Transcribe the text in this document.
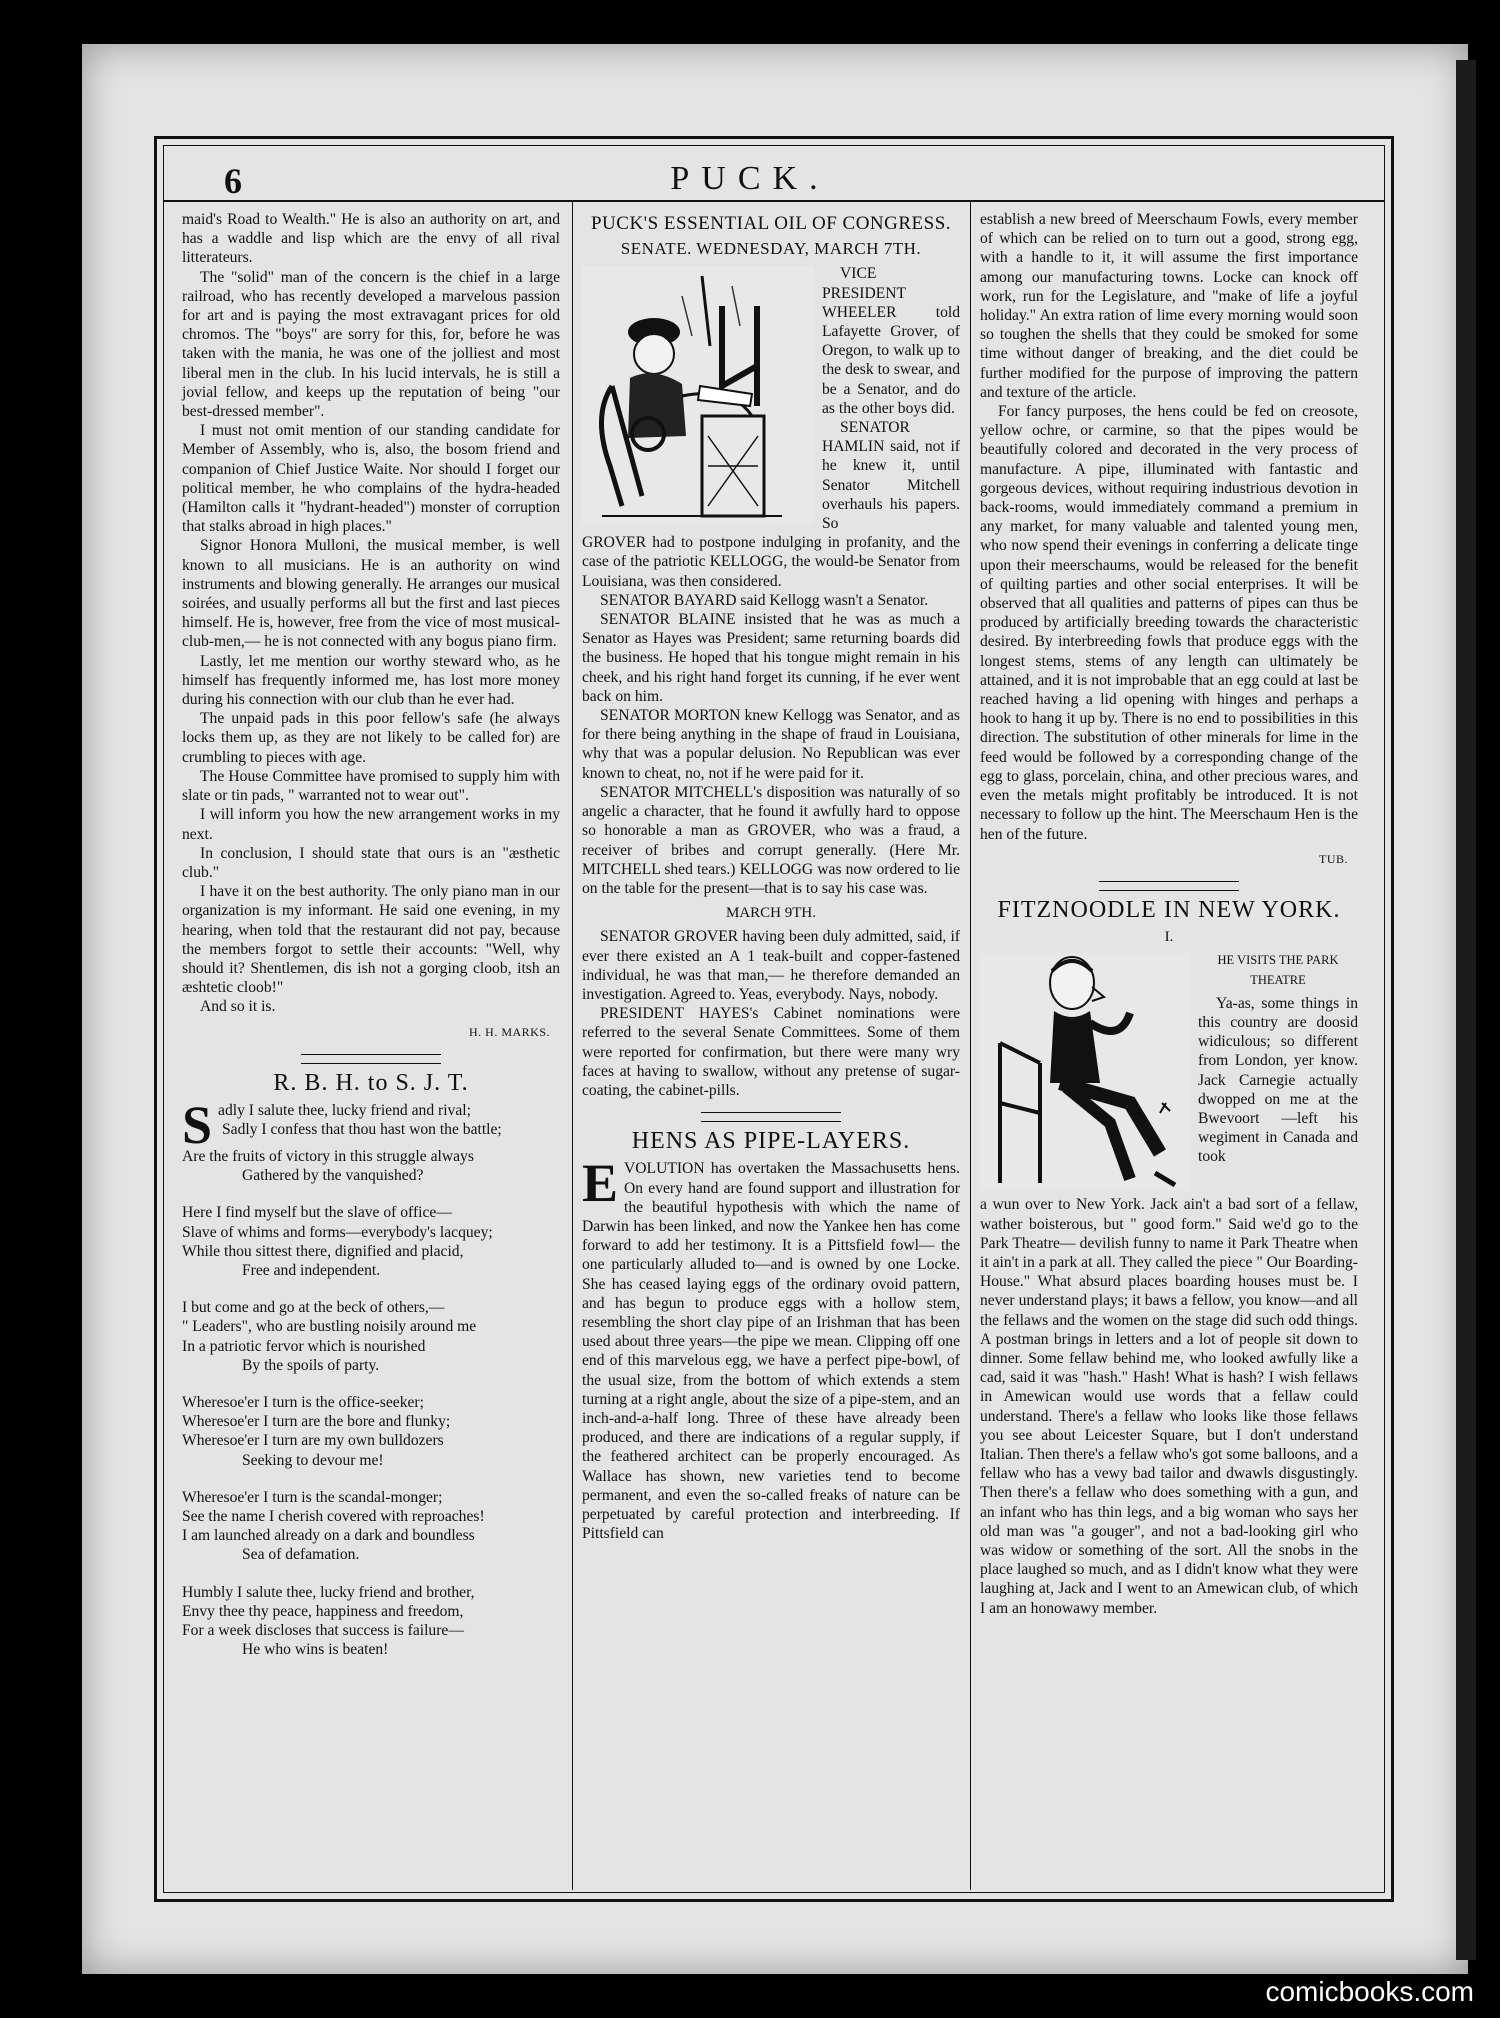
6	PUCK.

maid's Road to Wealth." He is also an authority on art, and has a waddle and lisp which are the envy of all rival litterateurs.

The "solid" man of the concern is the chief in a large railroad, who has recently developed a marvelous passion for art and is paying the most extravagant prices for old chromos. The "boys" are sorry for this, for, before he was taken with the mania, he was one of the jolliest and most liberal men in the club. In his lucid intervals, he is still a jovial fellow, and keeps up the reputation of being "our best-dressed member".

I must not omit mention of our standing candidate for Member of Assembly, who is, also, the bosom friend and companion of Chief Justice Waite. Nor should I forget our political member, he who complains of the hydra-headed (Hamilton calls it "hydrant-headed") monster of corruption that stalks abroad in high places."

Signor Honora Mulloni, the musical member, is well known to all musicians. He is an authority on wind instruments and blowing generally. He arranges our musical soirées, and usually performs all but the first and last pieces himself. He is, however, free from the vice of most musical-club-men,— he is not connected with any bogus piano firm.

Lastly, let me mention our worthy steward who, as he himself has frequently informed me, has lost more money during his connection with our club than he ever had.

The unpaid pads in this poor fellow's safe (he always locks them up, as they are not likely to be called for) are crumbling to pieces with age.

The House Committee have promised to supply him with slate or tin pads, " warranted not to wear out".

I will inform you how the new arrangement works in my next.

In conclusion, I should state that ours is an "æsthetic club."

I have it on the best authority. The only piano man in our organization is my informant. He said one evening, in my hearing, when told that the restaurant did not pay, because the members forgot to settle their accounts: "Well, why should it? Shentlemen, dis ish not a gorging cloob, itsh an æshtetic cloob!"

And so it is.

H. H. MARKS.
R. B. H. to S. J. T.
S adly I salute thee, lucky friend and rival;

Sadly I confess that thou hast won the battle;

Are the fruits of victory in this struggle always

Gathered by the vanquished?

Here I find myself but the slave of office—

Slave of whims and forms—everybody's lacquey;

While thou sittest there, dignified and placid,

Free and independent.

I but come and go at the beck of others,—

" Leaders", who are bustling noisily around me

In a patriotic fervor which is nourished

By the spoils of party.

Wheresoe'er I turn is the office-seeker;

Wheresoe'er I turn are the bore and flunky;

Wheresoe'er I turn are my own bulldozers

Seeking to devour me!

Wheresoe'er I turn is the scandal-monger;

See the name I cherish covered with reproaches!

I am launched already on a dark and boundless

Sea of defamation.

Humbly I salute thee, lucky friend and brother,

Envy thee thy peace, happiness and freedom,

For a week discloses that success is failure—

He who wins is beaten!

PUCK'S ESSENTIAL OIL OF CONGRESS.
SENATE. WEDNESDAY, MARCH 7TH.

VICE PRESIDENT WHEELER told Lafayette Grover, of Oregon, to walk up to the desk to swear, and be a Senator, and do as the other boys did.

SENATOR HAMLIN said, not if he knew it, until Senator Mitchell overhauls his papers. So

GROVER had to postpone indulging in profanity, and the case of the patriotic KELLOGG, the would-be Senator from Louisiana, was then considered.

SENATOR BAYARD said Kellogg wasn't a Senator.

SENATOR BLAINE insisted that he was as much a Senator as Hayes was President; same returning boards did the business. He hoped that his tongue might remain in his cheek, and his right hand forget its cunning, if he ever went back on him.

SENATOR MORTON knew Kellogg was Senator, and as for there being anything in the shape of fraud in Louisiana, why that was a popular delusion. No Republican was ever known to cheat, no, not if he were paid for it.

SENATOR MITCHELL's disposition was naturally of so angelic a character, that he found it awfully hard to oppose so honorable a man as GROVER, who was a fraud, a receiver of bribes and corrupt generally. (Here Mr. MITCHELL shed tears.) KELLOGG was now ordered to lie on the table for the present—that is to say his case was.

MARCH 9TH.

SENATOR GROVER having been duly admitted, said, if ever there existed an A 1 teak-built and copper-fastened individual, he was that man,— he therefore demanded an investigation. Agreed to. Yeas, everybody. Nays, nobody.

PRESIDENT HAYES's Cabinet nominations were referred to the several Senate Committees. Some of them were reported for confirmation, but there were many wry faces at having to swallow, without any pretense of sugar-coating, the cabinet-pills.

HENS AS PIPE-LAYERS.

EVOLUTION has overtaken the Massachusetts hens. On every hand are found support and illustration for the beautiful hypothesis with which the name of Darwin has been linked, and now the Yankee hen has come forward to add her testimony. It is a Pittsfield fowl— the one particularly alluded to—and is owned by one Locke. She has ceased laying eggs of the ordinary ovoid pattern, and has begun to produce eggs with a hollow stem, resembling the short clay pipe of an Irishman that has been used about three years—the pipe we mean. Clipping off one end of this marvelous egg, we have a perfect pipe-bowl, of the usual size, from the bottom of which extends a stem turning at a right angle, about the size of a pipe-stem, and an inch-and-a-half long. Three of these have already been produced, and there are indications of a regular supply, if the feathered architect can be properly encouraged. As Wallace has shown, new varieties tend to become permanent, and even the so-called freaks of nature can be perpetuated by careful protection and interbreeding. If Pittsfield can

establish a new breed of Meerschaum Fowls, every member of which can be relied on to turn out a good, strong egg, with a handle to it, it will assume the first importance among our manufacturing towns. Locke can knock off work, run for the Legislature, and "make of life a joyful holiday." An extra ration of lime every morning would soon so toughen the shells that they could be smoked for some time without danger of breaking, and the diet could be further modified for the purpose of improving the pattern and texture of the article.

For fancy purposes, the hens could be fed on creosote, yellow ochre, or carmine, so that the pipes would be beautifully colored and decorated in the very process of manufacture. A pipe, illuminated with fantastic and gorgeous devices, without requiring industrious devotion in back-rooms, would immediately command a premium in any market, for many valuable and talented young men, who now spend their evenings in conferring a delicate tinge upon their meerschaums, would be released for the benefit of quilting parties and other social enterprises. It will be observed that all qualities and patterns of pipes can thus be produced by artificially breeding towards the characteristic desired. By interbreeding fowls that produce eggs with the longest stems, stems of any length can ultimately be attained, and it is not improbable that an egg could at last be reached having a lid opening with hinges and perhaps a hook to hang it up by. There is no end to possibilities in this direction. The substitution of other minerals for lime in the feed would be followed by a corresponding change of the egg to glass, porcelain, china, and other precious wares, and even the metals might profitably be introduced. It is not necessary to follow up the hint. The Meerschaum Hen is the hen of the future.

TUB.
FITZNOODLE IN NEW YORK.
I.
HE VISITS THE PARK THEATRE

Ya-as, some things in this country are doosid widiculous; so different from London, yer know. Jack Carnegie actually dwopped on me at the Bwevoort —left his wegiment in Canada and took

a wun over to New York. Jack ain't a bad sort of a fellaw, wather boisterous, but " good form." Said we'd go to the Park Theatre— devilish funny to name it Park Theatre when it ain't in a park at all. They called the piece " Our Boarding-House." What absurd places boarding houses must be. I never understand plays; it baws a fellow, you know—and all the fellaws and the women on the stage did such odd things. A postman brings in letters and a lot of people sit down to dinner. Some fellaw behind me, who looked awfully like a cad, said it was "hash." Hash! What is hash? I wish fellaws in Amewican would use words that a fellaw could understand. There's a fellaw who looks like those fellaws you see about Leicester Square, but I don't understand Italian. Then there's a fellaw who's got some balloons, and a fellaw who has a vewy bad tailor and dwawls disgustingly. Then there's a fellaw who does something with a gun, and an infant who has thin legs, and a big woman who says her old man was "a gouger", and not a bad-looking girl who was widow or something of the sort. All the snobs in the place laughed so much, and as I didn't know what they were laughing at, Jack and I went to an Amewican club, of which I am an honowawy member.

comicbooks.com
